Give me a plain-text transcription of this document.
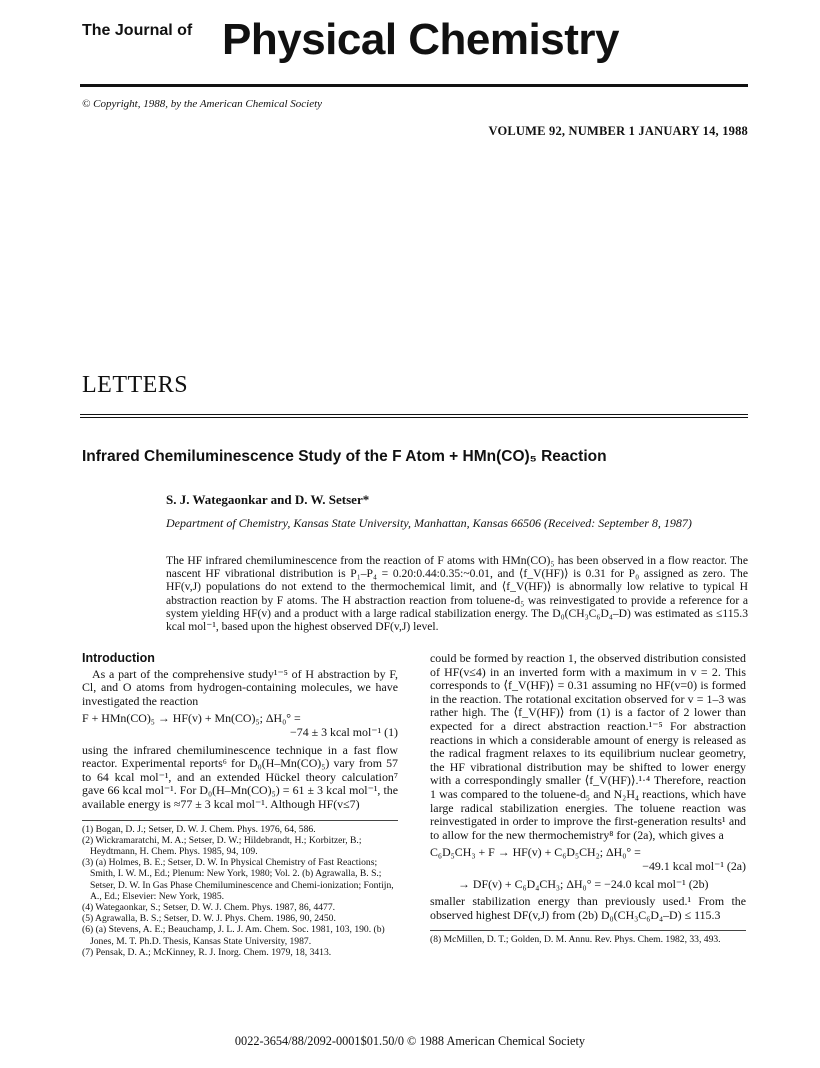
The Journal of Physical Chemistry
© Copyright, 1988, by the American Chemical Society
VOLUME 92, NUMBER 1 JANUARY 14, 1988
LETTERS
Infrared Chemiluminescence Study of the F Atom + HMn(CO)₅ Reaction
S. J. Wategaonkar and D. W. Setser*
Department of Chemistry, Kansas State University, Manhattan, Kansas 66506 (Received: September 8, 1987)
The HF infrared chemiluminescence from the reaction of F atoms with HMn(CO)₅ has been observed in a flow reactor. The nascent HF vibrational distribution is P₁–P₄ = 0.20:0.44:0.35:~0.01, and ⟨f_V(HF)⟩ is 0.31 for P₀ assigned as zero. The HF(v,J) populations do not extend to the thermochemical limit, and ⟨f_V(HF)⟩ is abnormally low relative to typical H abstraction reaction by F atoms. The H abstraction reaction from toluene-d₅ was reinvestigated to provide a reference for a system yielding HF(v) and a product with a large radical stabilization energy. The D₀(CH₃C₆D₄–D) was estimated as ≤115.3 kcal mol⁻¹, based upon the highest observed DF(v,J) level.
Introduction

As a part of the comprehensive study¹⁻⁵ of H abstraction by F, Cl, and O atoms from hydrogen-containing molecules, we have investigated the reaction

F + HMn(CO)₅ → HF(v) + Mn(CO)₅; ΔH₀° =
−74 ± 3 kcal mol⁻¹ (1)

using the infrared chemiluminescence technique in a fast flow reactor. Experimental reports⁶ for D₀(H–Mn(CO)₅) vary from 57 to 64 kcal mol⁻¹, and an extended Hückel theory calculation⁷ gave 66 kcal mol⁻¹. For D₀(H–Mn(CO)₅) = 61 ± 3 kcal mol⁻¹, the available energy is ≈77 ± 3 kcal mol⁻¹. Although HF(v≤7)

(1) Bogan, D. J.; Setser, D. W. J. Chem. Phys. 1976, 64, 586.
(2) Wickramaratchi, M. A.; Setser, D. W.; Hildebrandt, H.; Korbitzer, B.; Heydtmann, H. Chem. Phys. 1985, 94, 109.
(3) (a) Holmes, B. E.; Setser, D. W. In Physical Chemistry of Fast Reactions; Smith, I. W. M., Ed.; Plenum: New York, 1980; Vol. 2. (b) Agrawalla, B. S.; Setser, D. W. In Gas Phase Chemiluminescence and Chemi-ionization; Fontijn, A., Ed.; Elsevier: New York, 1985.
(4) Wategaonkar, S.; Setser, D. W. J. Chem. Phys. 1987, 86, 4477.
(5) Agrawalla, B. S.; Setser, D. W. J. Phys. Chem. 1986, 90, 2450.
(6) (a) Stevens, A. E.; Beauchamp, J. L. J. Am. Chem. Soc. 1981, 103, 190. (b) Jones, M. T. Ph.D. Thesis, Kansas State University, 1987.
(7) Pensak, D. A.; McKinney, R. J. Inorg. Chem. 1979, 18, 3413.

could be formed by reaction 1, the observed distribution consisted of HF(v≤4) in an inverted form with a maximum in v = 2. This corresponds to ⟨f_V(HF)⟩ = 0.31 assuming no HF(v=0) is formed in the reaction. The rotational excitation observed for v = 1–3 was rather high. The ⟨f_V(HF)⟩ from (1) is a factor of 2 lower than expected for a direct abstraction reaction.¹⁻⁵ For abstraction reactions in which a considerable amount of energy is released as the radical fragment relaxes to its equilibrium nuclear geometry, the HF vibrational distribution may be shifted to lower energy with a correspondingly smaller ⟨f_V(HF)⟩.¹·⁴ Therefore, reaction 1 was compared to the toluene-d₅ and N₂H₄ reactions, which have large radical stabilization energies. The toluene reaction was reinvestigated in order to improve the first-generation results¹ and to allow for the new thermochemistry⁸ for (2a), which gives a

C₆D₅CH₃ + F → HF(v) + C₆D₅CH₂; ΔH₀° =
−49.1 kcal mol⁻¹ (2a)
→ DF(v) + C₆D₄CH₃; ΔH₀° = −24.0 kcal mol⁻¹ (2b)

smaller stabilization energy than previously used.¹ From the observed highest DF(v,J) from (2b) D₀(CH₃C₆D₄–D) ≤ 115.3

(8) McMillen, D. T.; Golden, D. M. Annu. Rev. Phys. Chem. 1982, 33, 493.
0022-3654/88/2092-0001$01.50/0 © 1988 American Chemical Society
